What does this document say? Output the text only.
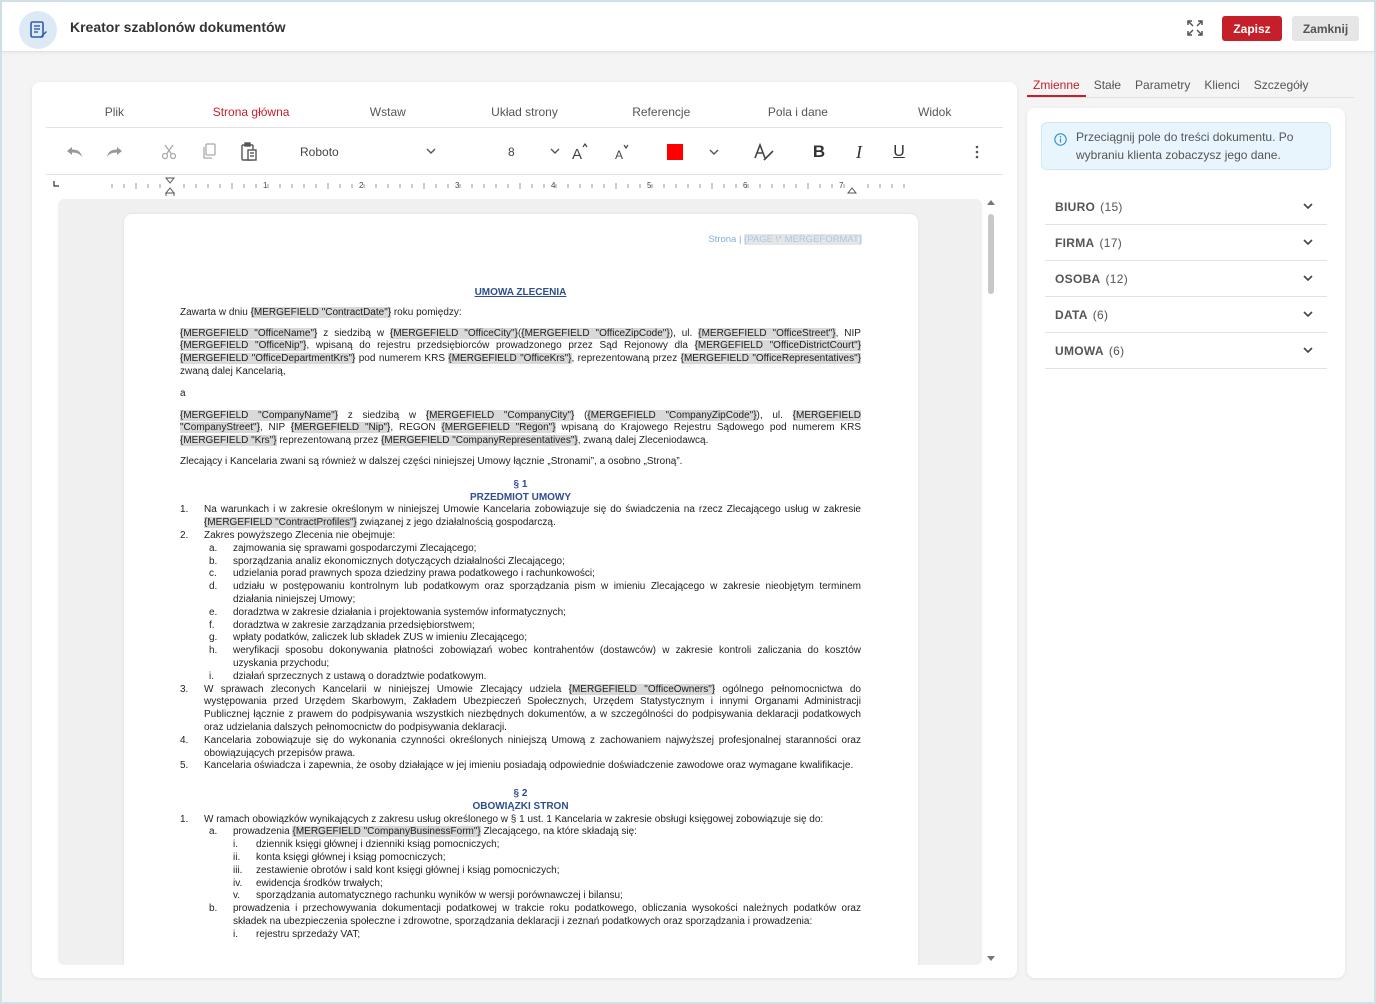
Kreator szablonów dokumentów	Zapisz	Zamknij
Plik	Strona główna	Wstaw	Układ strony	Referencje	Pola i dane	Widok
Roboto	8	A	A	B I U
1	2	3	4	5	6	7
Strona | {PAGE \* MERGEFORMAT}
UMOWA ZLECENIA
Zawarta w dniu {MERGEFIELD "ContractDate"} roku pomiędzy:
{MERGEFIELD "OfficeName"} z siedzibą w {MERGEFIELD "OfficeCity"}({MERGEFIELD "OfficeZipCode"}), ul. {MERGEFIELD "OfficeStreet"}, NIP {MERGEFIELD "OfficeNip"}, wpisaną do rejestru przedsiębiorców prowadzonego przez Sąd Rejonowy dla {MERGEFIELD "OfficeDistrictCourt"} {MERGEFIELD "OfficeDepartmentKrs"} pod numerem KRS {MERGEFIELD "OfficeKrs"}, reprezentowaną przez {MERGEFIELD "OfficeRepresentatives"} zwaną dalej Kancelarią,
a
{MERGEFIELD "CompanyName"} z siedzibą w {MERGEFIELD "CompanyCity"} ({MERGEFIELD "CompanyZipCode"}), ul. {MERGEFIELD "CompanyStreet"}, NIP {MERGEFIELD "Nip"}, REGON {MERGEFIELD "Regon"} wpisaną do Krajowego Rejestru Sądowego pod numerem KRS {MERGEFIELD "Krs"} reprezentowaną przez {MERGEFIELD "CompanyRepresentatives"}, zwaną dalej Zleceniodawcą.
Zlecający i Kancelaria zwani są również w dalszej części niniejszej Umowy łącznie „Stronami”, a osobno „Stroną”.
§ 1
PRZEDMIOT UMOWY
1. Na warunkach i w zakresie określonym w niniejszej Umowie Kancelaria zobowiązuje się do świadczenia na rzecz Zlecającego usług w zakresie {MERGEFIELD "ContractProfiles"} związanej z jego działalnością gospodarczą.
2. Zakres powyższego Zlecenia nie obejmuje:
a. zajmowania się sprawami gospodarczymi Zlecającego;
b. sporządzania analiz ekonomicznych dotyczących działalności Zlecającego;
c. udzielania porad prawnych spoza dziedziny prawa podatkowego i rachunkowości;
d. udziału w postępowaniu kontrolnym lub podatkowym oraz sporządzania pism w imieniu Zlecającego w zakresie nieobjętym terminem działania niniejszej Umowy;
e. doradztwa w zakresie działania i projektowania systemów informatycznych;
f. doradztwa w zakresie zarządzania przedsiębiorstwem;
g. wpłaty podatków, zaliczek lub składek ZUS w imieniu Zlecającego;
h. weryfikacji sposobu dokonywania płatności zobowiązań wobec kontrahentów (dostawców) w zakresie kontroli zaliczania do kosztów uzyskania przychodu;
i. działań sprzecznych z ustawą o doradztwie podatkowym.
3. W sprawach zleconych Kancelarii w niniejszej Umowie Zlecający udziela {MERGEFIELD "OfficeOwners"} ogólnego pełnomocnictwa do występowania przed Urzędem Skarbowym, Zakładem Ubezpieczeń Społecznych, Urzędem Statystycznym i innymi Organami Administracji Publicznej łącznie z prawem do podpisywania wszystkich niezbędnych dokumentów, a w szczególności do podpisywania deklaracji podatkowych oraz udzielania dalszych pełnomocnictw do podpisywania deklaracji.
4. Kancelaria zobowiązuje się do wykonania czynności określonych niniejszą Umową z zachowaniem najwyższej profesjonalnej staranności oraz obowiązujących przepisów prawa.
5. Kancelaria oświadcza i zapewnia, że osoby działające w jej imieniu posiadają odpowiednie doświadczenie zawodowe oraz wymagane kwalifikacje.
§ 2
OBOWIĄZKI STRON
1. W ramach obowiązków wynikających z zakresu usług określonego w § 1 ust. 1 Kancelaria w zakresie obsługi księgowej zobowiązuje się do:
a. prowadzenia {MERGEFIELD "CompanyBusinessForm"} Zlecającego, na które składają się:
i. dziennik księgi głównej i dzienniki ksiąg pomocniczych;
ii. konta księgi głównej i ksiąg pomocniczych;
iii. zestawienie obrotów i sald kont księgi głównej i ksiąg pomocniczych;
iv. ewidencja środków trwałych;
v. sporządzania automatycznego rachunku wyników w wersji porównawczej i bilansu;
b. prowadzenia i przechowywania dokumentacji podatkowej w trakcie roku podatkowego, obliczania wysokości należnych podatków oraz składek na ubezpieczenia społeczne i zdrowotne, sporządzania deklaracji i zeznań podatkowych oraz sporządzania i prowadzenia:
i. rejestru sprzedaży VAT;
Zmienne	Stałe	Parametry	Klienci	Szczegóły
Przeciągnij pole do treści dokumentu. Po wybraniu klienta zobaczysz jego dane.
BIURO (15)
FIRMA (17)
OSOBA (12)
DATA (6)
UMOWA (6)
